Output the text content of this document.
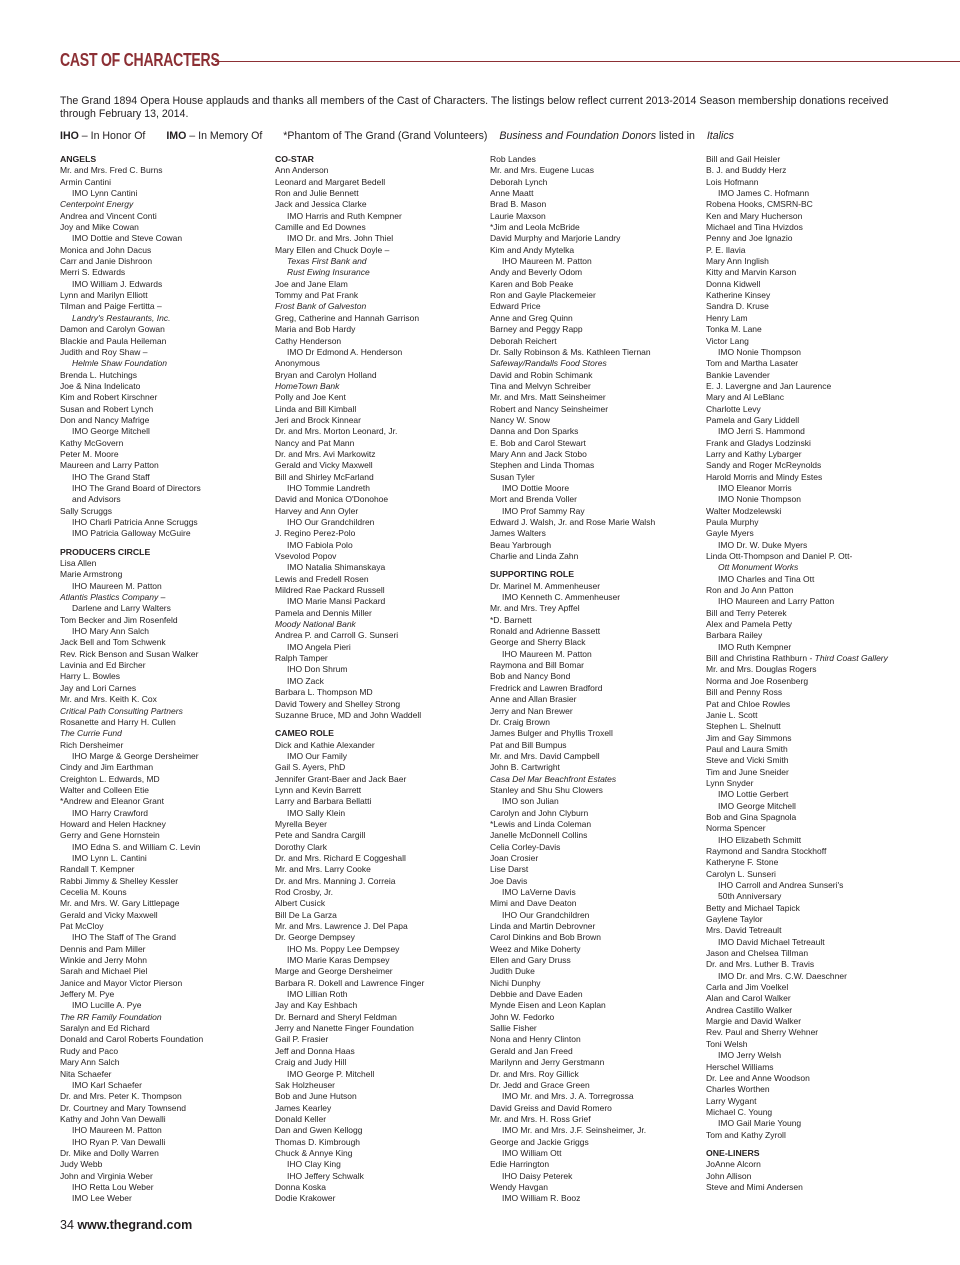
CAST OF CHARACTERS
The Grand 1894 Opera House applauds and thanks all members of the Cast of Characters. The listings below reflect current 2013-2014 Season membership donations received through February 13, 2014.
IHO – In Honor Of IMO – In Memory Of *Phantom of The Grand (Grand Volunteers) Business and Foundation Donors listed in Italics
ANGELS
Mr. and Mrs. Fred C. Burns
Armin Cantini
IMO Lynn Cantini
Centerpoint Energy
Andrea and Vincent Conti
Joy and Mike Cowan
IMO Dottie and Steve Cowan
Monica and John Dacus
Carr and Janie Dishroon
Merri S. Edwards
IMO William J. Edwards
Lynn and Marilyn Elliott
Tilman and Paige Fertitta –
Landry's Restaurants, Inc.
Damon and Carolyn Gowan
Blackie and Paula Heileman
Judith and Roy Shaw –
Helmle Shaw Foundation
Brenda L. Hutchings
Joe & Nina Indelicato
Kim and Robert Kirschner
Susan and Robert Lynch
Don and Nancy Mafrige
IMO George Mitchell
Kathy McGovern
Peter M. Moore
Maureen and Larry Patton
IHO The Grand Staff
IHO The Grand Board of Directors
and Advisors
Sally Scruggs
IHO Charli Patricia Anne Scruggs
IMO Patricia Galloway McGuire
PRODUCERS CIRCLE
Lisa Allen
Marie Armstrong
IHO Maureen M. Patton
Atlantis Plastics Company –
Darlene and Larry Walters
Tom Becker and Jim Rosenfeld
IHO Mary Ann Salch
Jack Bell and Tom Schwenk
Rev. Rick Benson and Susan Walker
Lavinia and Ed Bircher
Harry L. Bowles
Jay and Lori Carnes
Mr. and Mrs. Keith K. Cox
Critical Path Consulting Partners
Rosanette and Harry H. Cullen
The Currie Fund
Rich Dersheimer
IHO Marge & George Dersheimer
Cindy and Jim Earthman
Creighton L. Edwards, MD
Walter and Colleen Etie
*Andrew and Eleanor Grant
IMO Harry Crawford
Howard and Helen Hackney
Gerry and Gene Hornstein
IMO Edna S. and William C. Levin
IMO Lynn L. Cantini
Randall T. Kempner
Rabbi Jimmy & Shelley Kessler
Cecelia M. Kouns
Mr. and Mrs. W. Gary Littlepage
Gerald and Vicky Maxwell
Pat McCloy
IHO The Staff of The Grand
Dennis and Pam Miller
Winkie and Jerry Mohn
Sarah and Michael Piel
Janice and Mayor Victor Pierson
Jeffery M. Pye
IMO Lucille A. Pye
The RR Family Foundation
Saralyn and Ed Richard
Donald and Carol Roberts Foundation
Rudy and Paco
Mary Ann Salch
Nita Schaefer
IMO Karl Schaefer
Dr. and Mrs. Peter K. Thompson
Dr. Courtney and Mary Townsend
Kathy and John Van Dewalli
IHO Maureen M. Patton
IHO Ryan P. Van Dewalli
Dr. Mike and Dolly Warren
Judy Webb
John and Virginia Weber
IHO Retta Lou Weber
IMO Lee Weber
CO-STAR
Ann Anderson
Leonard and Margaret Bedell
Ron and Julie Bennett
Jack and Jessica Clarke
IMO Harris and Ruth Kempner
Camille and Ed Downes
IMO Dr. and Mrs. John Thiel
Mary Ellen and Chuck Doyle –
Texas First Bank and
Rust Ewing Insurance
Joe and Jane Elam
Tommy and Pat Frank
Frost Bank of Galveston
Greg, Catherine and Hannah Garrison
Maria and Bob Hardy
Cathy Henderson
IMO Dr Edmond A. Henderson
Anonymous
Bryan and Carolyn Holland
HomeTown Bank
Polly and Joe Kent
Linda and Bill Kimball
Jeri and Brock Kinnear
Dr. and Mrs. Morton Leonard, Jr.
Nancy and Pat Mann
Dr. and Mrs. Avi Markowitz
Gerald and Vicky Maxwell
Bill and Shirley McFarland
IHO Tommie Landreth
David and Monica O'Donohoe
Harvey and Ann Oyler
IHO Our Grandchildren
J. Regino Perez-Polo
IMO Fabiola Polo
Vsevolod Popov
IMO Natalia Shimanskaya
Lewis and Fredell Rosen
Mildred Rae Packard Russell
IMO Marie Mansi Packard
Pamela and Dennis Miller
Moody National Bank
Andrea P. and Carroll G. Sunseri
IMO Angela Pieri
Ralph Tamper
IHO Don Shrum
IMO Zack
Barbara L. Thompson MD
David Towery and Shelley Strong
Suzanne Bruce, MD and John Waddell
CAMEO ROLE
Dick and Kathie Alexander
IMO Our Family
Gail S. Ayers, PhD
Jennifer Grant-Baer and Jack Baer
Lynn and Kevin Barrett
Larry and Barbara Bellatti
IMO Sally Klein
Myrella Beyer
Pete and Sandra Cargill
Dorothy Clark
Dr. and Mrs. Richard E Coggeshall
Mr. and Mrs. Larry Cooke
Dr. and Mrs. Manning J. Correia
Rod Crosby, Jr.
Albert Cusick
Bill De La Garza
Mr. and Mrs. Lawrence J. Del Papa
Dr. George Dempsey
IHO Ms. Poppy Lee Dempsey
IMO Marie Karas Dempsey
Marge and George Dersheimer
Barbara R. Dokell and Lawrence Finger
IMO Lillian Roth
Jay and Kay Eshbach
Dr. Bernard and Sheryl Feldman
Jerry and Nanette Finger Foundation
Gail P. Frasier
Jeff and Donna Haas
Craig and Judy Hill
IMO George P. Mitchell
Sak Holzheuser
Bob and June Hutson
James Kearley
Donald Keller
Dan and Gwen Kellogg
Thomas D. Kimbrough
Chuck & Annye King
IHO Clay King
IHO Jeffery Schwalk
Donna Koska
Dodie Krakower
Rob Landes
Mr. and Mrs. Eugene Lucas
Deborah Lynch
Anne Maatt
Brad B. Mason
Laurie Maxson
*Jim and Leola McBride
David Murphy and Marjorie Landry
Kim and Andy Mytelka
IHO Maureen M. Patton
Andy and Beverly Odom
Karen and Bob Peake
Ron and Gayle Plackemeier
Edward Price
Anne and Greg Quinn
Barney and Peggy Rapp
Deborah Reichert
Dr. Sally Robinson & Ms. Kathleen Tiernan
Safeway/Randalls Food Stores
David and Robin Schimank
Tina and Melvyn Schreiber
Mr. and Mrs. Matt Seinsheimer
Robert and Nancy Seinsheimer
Nancy W. Snow
Danna and Don Sparks
E. Bob and Carol Stewart
Mary Ann and Jack Stobo
Stephen and Linda Thomas
Susan Tyler
IMO Dottie Moore
Mort and Brenda Voller
IMO Prof Sammy Ray
Edward J. Walsh, Jr. and Rose Marie Walsh
James Walters
Beau Yarbrough
Charlie and Linda Zahn
SUPPORTING ROLE
Dr. Marinel M. Ammenheuser
IMO Kenneth C. Ammenheuser
Mr. and Mrs. Trey Apffel
*D. Barnett
Ronald and Adrienne Bassett
George and Sherry Black
IHO Maureen M. Patton
Raymona and Bill Bomar
Bob and Nancy Bond
Fredrick and Lawren Bradford
Anne and Allan Brasier
Jerry and Nan Brewer
Dr. Craig Brown
James Bulger and Phyllis Troxell
Pat and Bill Bumpus
Mr. and Mrs. David Campbell
John B. Cartwright
Casa Del Mar Beachfront Estates
Stanley and Shu Shu Clowers
IMO son Julian
Carolyn and John Clyburn
*Lewis and Linda Coleman
Janelle McDonnell Collins
Celia Corley-Davis
Joan Crosier
Lise Darst
Joe Davis
IMO LaVerne Davis
Mimi and Dave Deaton
IHO Our Grandchildren
Linda and Martin Debrovner
Carol Dinkins and Bob Brown
Weez and Mike Doherty
Ellen and Gary Druss
Judith Duke
Nichi Dunphy
Debbie and Dave Eaden
Mynde Eisen and Leon Kaplan
John W. Fedorko
Sallie Fisher
Nona and Henry Clinton
Gerald and Jan Freed
Marilynn and Jerry Gerstmann
Dr. and Mrs. Roy Gillick
Dr. Jedd and Grace Green
IMO Mr. and Mrs. J. A. Torregrossa
David Greiss and David Romero
Mr. and Mrs. H. Ross Grief
IMO Mr. and Mrs. J.F. Seinsheimer, Jr.
George and Jackie Griggs
IMO William Ott
Edie Harrington
IHO Daisy Peterek
Wendy Havgan
IMO William R. Booz
Bill and Gail Heisler
B. J. and Buddy Herz
Lois Hofmann
IMO James C. Hofmann
Robena Hooks, CMSRN-BC
Ken and Mary Hucherson
Michael and Tina Hvizdos
Penny and Joe Ignazio
P. E. Ilavia
Mary Ann Inglish
Kitty and Marvin Karson
Donna Kidwell
Katherine Kinsey
Sandra D. Kruse
Henry Lam
Tonka M. Lane
Victor Lang
IMO Nonie Thompson
Tom and Martha Lasater
Bankie Lavender
E. J. Lavergne and Jan Laurence
Mary and Al LeBlanc
Charlotte Levy
Pamela and Gary Liddell
IMO Jerri S. Hammond
Frank and Gladys Lodzinski
Larry and Kathy Lybarger
Sandy and Roger McReynolds
Harold Morris and Mindy Estes
IMO Eleanor Morris
IMO Nonie Thompson
Walter Modzelewski
Paula Murphy
Gayle Myers
IMO Dr. W. Duke Myers
Linda Ott-Thompson and Daniel P. Ott-
Ott Monument Works
IMO Charles and Tina Ott
Ron and Jo Ann Patton
IHO Maureen and Larry Patton
Bill and Terry Peterek
Alex and Pamela Petty
Barbara Railey
IMO Ruth Kempner
Bill and Christina Rathburn - Third Coast Gallery
Mr. and Mrs. Douglas Rogers
Norma and Joe Rosenberg
Bill and Penny Ross
Pat and Chloe Rowles
Janie L. Scott
Stephen L. Shelnutt
Jim and Gay Simmons
Paul and Laura Smith
Steve and Vicki Smith
Tim and June Sneider
Lynn Snyder
IMO Lottie Gerbert
IMO George Mitchell
Bob and Gina Spagnola
Norma Spencer
IHO Elizabeth Schmitt
Raymond and Sandra Stockhoff
Katheryne F. Stone
Carolyn L. Sunseri
IHO Carroll and Andrea Sunseri's
50th Anniversary
Betty and Michael Tapick
Gaylene Taylor
Mrs. David Tetreault
IMO David Michael Tetreault
Jason and Chelsea Tillman
Dr. and Mrs. Luther B. Travis
IMO Dr. and Mrs. C.W. Daeschner
Carla and Jim Voelkel
Alan and Carol Walker
Andrea Castillo Walker
Margie and David Walker
Rev. Paul and Sherry Wehner
Toni Welsh
IMO Jerry Welsh
Herschel Williams
Dr. Lee and Anne Woodson
Charles Worthen
Larry Wygant
Michael C. Young
IMO Gail Marie Young
Tom and Kathy Zyroll
ONE-LINERS
JoAnne Alcorn
John Allison
Steve and Mimi Andersen
34 www.thegrand.com
